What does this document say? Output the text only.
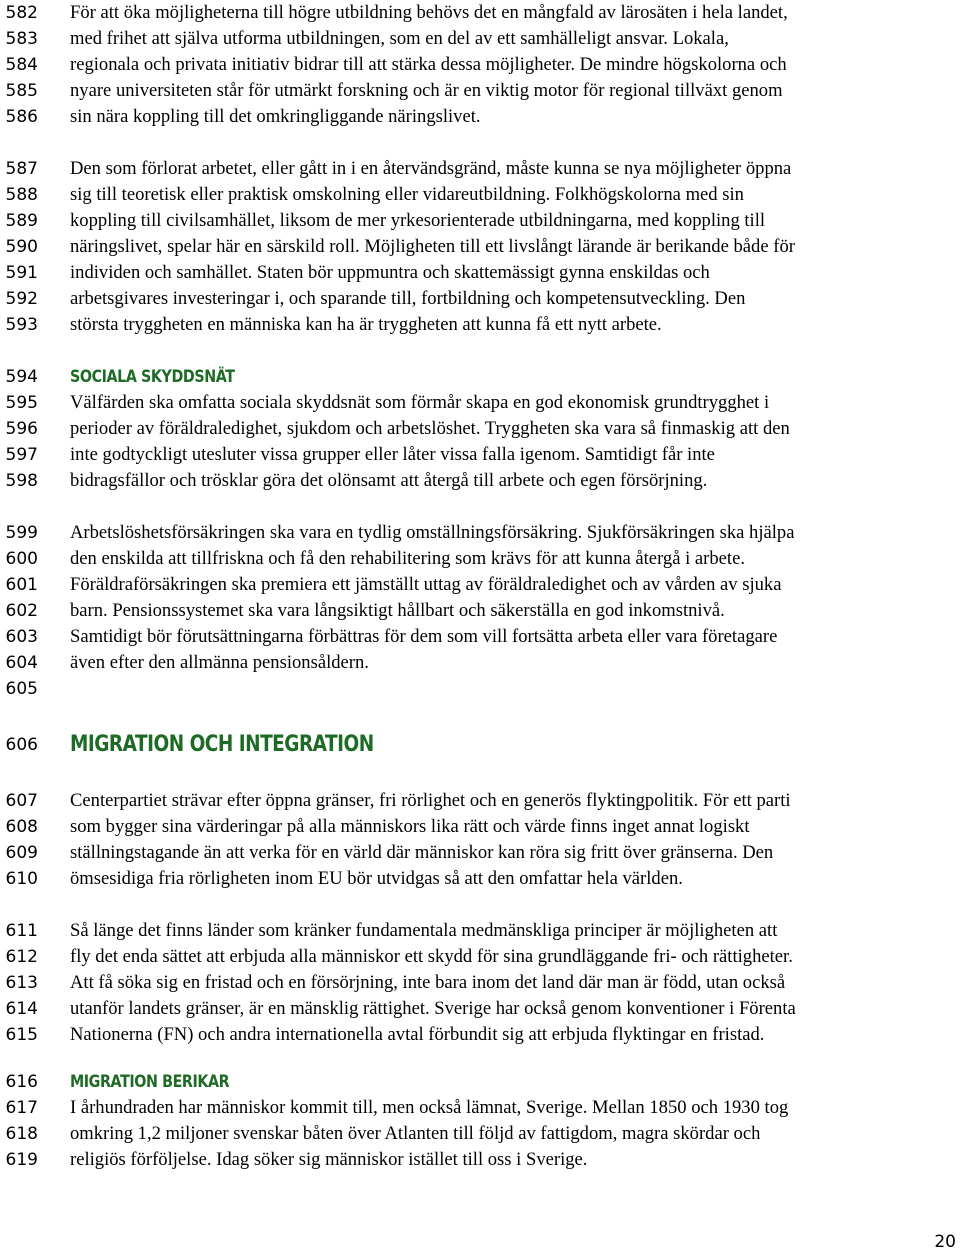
582 För att öka möjligheterna till högre utbildning behövs det en mångfald av lärosäten i hela landet,
583 med frihet att själva utforma utbildningen, som en del av ett samhälleligt ansvar. Lokala,
584 regionala och privata initiativ bidrar till att stärka dessa möjligheter. De mindre högskolorna och
585 nyare universiteten står för utmärkt forskning och är en viktig motor för regional tillväxt genom
586 sin nära koppling till det omkringliggande näringslivet.
587 Den som förlorat arbetet, eller gått in i en återvändsgränd, måste kunna se nya möjligheter öppna
588 sig till teoretisk eller praktisk omskolning eller vidareutbildning. Folkhögskolorna med sin
589 koppling till civilsamhället, liksom de mer yrkesorienterade utbildningarna, med koppling till
590 näringslivet, spelar här en särskild roll. Möjligheten till ett livslångt lärande är berikande både för
591 individen och samhället. Staten bör uppmuntra och skattemässigt gynna enskildas och
592 arbetsgivares investeringar i, och sparande till, fortbildning och kompetensutveckling. Den
593 största tryggheten en människa kan ha är tryggheten att kunna få ett nytt arbete.
594 SOCIALA SKYDDSNÄT
595 Välfärden ska omfatta sociala skyddsnät som förmår skapa en god ekonomisk grundtrygghet i
596 perioder av föräldraledighet, sjukdom och arbetslöshet. Tryggheten ska vara så finmaskig att den
597 inte godtyckligt utesluter vissa grupper eller låter vissa falla igenom. Samtidigt får inte
598 bidragsfällor och trösklar göra det olönsamt att återgå till arbete och egen försörjning.
599 Arbetslöshetsförsäkringen ska vara en tydlig omställningsförsäkring. Sjukförsäkringen ska hjälpa
600 den enskilda att tillfriskna och få den rehabilitering som krävs för att kunna återgå i arbete.
601 Föräldraförsäkringen ska premiera ett jämställt uttag av föräldraledighet och av vården av sjuka
602 barn. Pensionssystemet ska vara långsiktigt hållbart och säkerställa en god inkomstnivå.
603 Samtidigt bör förutsättningarna förbättras för dem som vill fortsätta arbeta eller vara företagare
604 även efter den allmänna pensionsåldern.
605
606 MIGRATION OCH INTEGRATION
607 Centerpartiet strävar efter öppna gränser, fri rörlighet och en generös flyktingpolitik. För ett parti
608 som bygger sina värderingar på alla människors lika rätt och värde finns inget annat logiskt
609 ställningstagande än att verka för en värld där människor kan röra sig fritt över gränserna. Den
610 ömsesidiga fria rörligheten inom EU bör utvidgas så att den omfattar hela världen.
611 Så länge det finns länder som kränker fundamentala medmänskliga principer är möjligheten att
612 fly det enda sättet att erbjuda alla människor ett skydd för sina grundläggande fri- och rättigheter.
613 Att få söka sig en fristad och en försörjning, inte bara inom det land där man är född, utan också
614 utanför landets gränser, är en mänsklig rättighet. Sverige har också genom konventioner i Förenta
615 Nationerna (FN) och andra internationella avtal förbundit sig att erbjuda flyktingar en fristad.
616 MIGRATION BERIKAR
617 I århundraden har människor kommit till, men också lämnat, Sverige. Mellan 1850 och 1930 tog
618 omkring 1,2 miljoner svenskar båten över Atlanten till följd av fattigdom, magra skördar och
619 religiös förföljelse. Idag söker sig människor istället till oss i Sverige.
20
